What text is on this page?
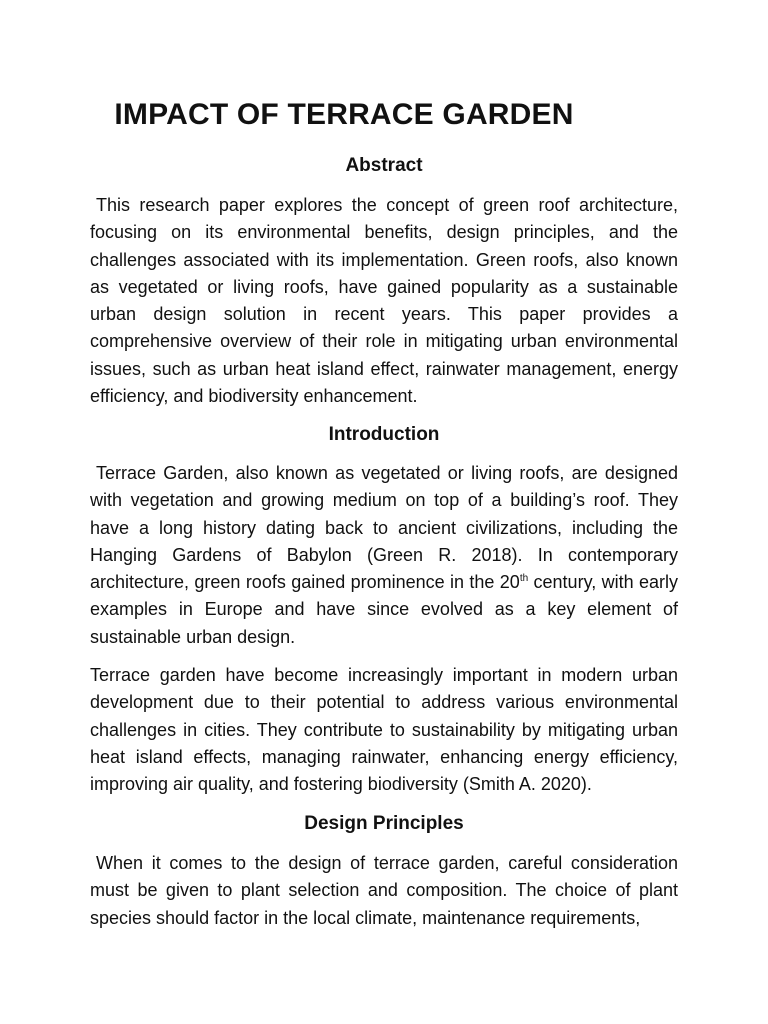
IMPACT OF TERRACE GARDEN
Abstract

This research paper explores the concept of green roof architecture, focusing on its environmental benefits, design principles, and the challenges associated with its implementation. Green roofs, also known as vegetated or living roofs, have gained popularity as a sustainable urban design solution in recent years. This paper provides a comprehensive overview of their role in mitigating urban environmental issues, such as urban heat island effect, rainwater management, energy efficiency, and biodiversity enhancement.

Introduction

Terrace Garden, also known as vegetated or living roofs, are designed with vegetation and growing medium on top of a building’s roof. They have a long history dating back to ancient civilizations, including the Hanging Gardens of Babylon (Green R. 2018). In contemporary architecture, green roofs gained prominence in the 20th century, with early examples in Europe and have since evolved as a key element of sustainable urban design.

Terrace garden have become increasingly important in modern urban development due to their potential to address various environmental challenges in cities. They contribute to sustainability by mitigating urban heat island effects, managing rainwater, enhancing energy efficiency, improving air quality, and fostering biodiversity (Smith A. 2020).

Design Principles

When it comes to the design of terrace garden, careful consideration must be given to plant selection and composition. The choice of plant species should factor in the local climate, maintenance requirements,
